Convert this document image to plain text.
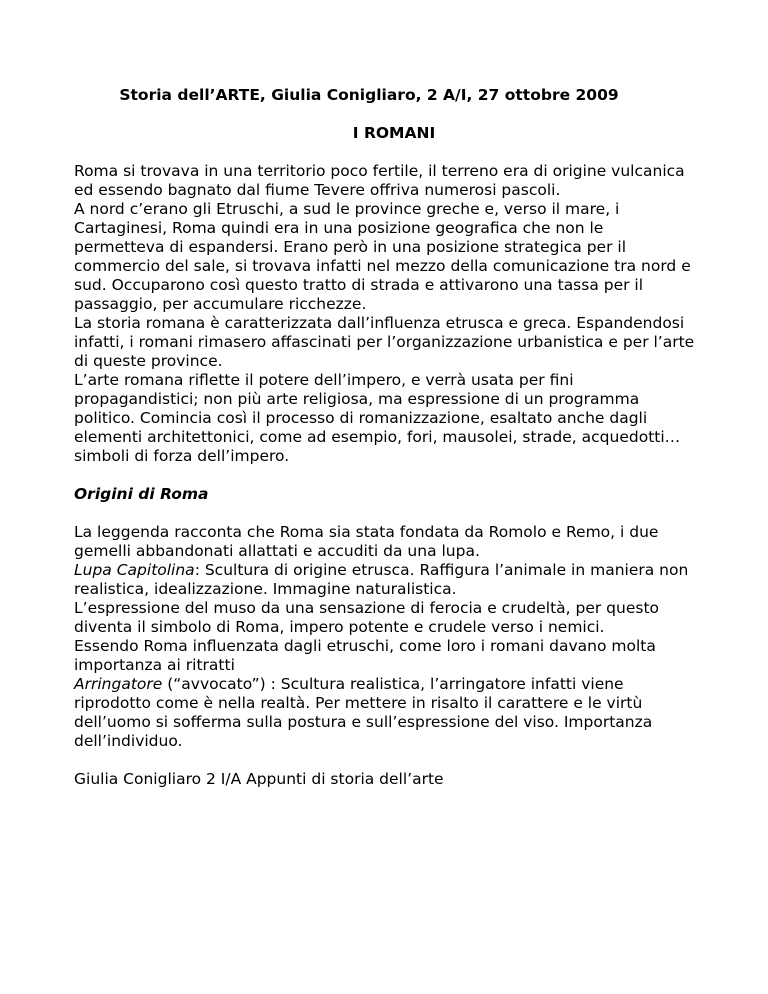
Storia dell’ARTE, Giulia Conigliaro, 2 A/I, 27 ottobre 2009

I ROMANI

Roma si trovava in una territorio poco fertile, il terreno era di origine vulcanica
ed essendo bagnato dal fiume Tevere offriva numerosi pascoli.
A nord c’erano gli Etruschi, a sud le province greche e, verso il mare, i
Cartaginesi, Roma quindi era in una posizione geografica che non le
permetteva di espandersi. Erano però in una posizione strategica per il
commercio del sale, si trovava infatti nel mezzo della comunicazione tra nord e
sud. Occuparono così questo tratto di strada e attivarono una tassa per il
passaggio, per accumulare ricchezze.
La storia romana è caratterizzata dall’influenza etrusca e greca. Espandendosi
infatti, i romani rimasero affascinati per l’organizzazione urbanistica e per l’arte
di queste province.
L’arte romana riflette il potere dell’impero, e verrà usata per fini
propagandistici; non più arte religiosa, ma espressione di un programma
politico. Comincia così il processo di romanizzazione, esaltato anche dagli
elementi architettonici, come ad esempio, fori, mausolei, strade, acquedotti…
simboli di forza dell’impero.
Origini di Roma
La leggenda racconta che Roma sia stata fondata da Romolo e Remo, i due
gemelli abbandonati allattati e accuditi da una lupa.
Lupa Capitolina: Scultura di origine etrusca. Raffigura l’animale in maniera non
realistica, idealizzazione. Immagine naturalistica.
L’espressione del muso da una sensazione di ferocia e crudeltà, per questo
diventa il simbolo di Roma, impero potente e crudele verso i nemici.
Essendo Roma influenzata dagli etruschi, come loro i romani davano molta
importanza ai ritratti
Arringatore (“avvocato”) : Scultura realistica, l’arringatore infatti viene
riprodotto come è nella realtà. Per mettere in risalto il carattere e le virtù
dell’uomo si sofferma sulla postura e sull’espressione del viso. Importanza
dell’individuo.
Giulia Conigliaro 2 I/A Appunti di storia dell’arte
